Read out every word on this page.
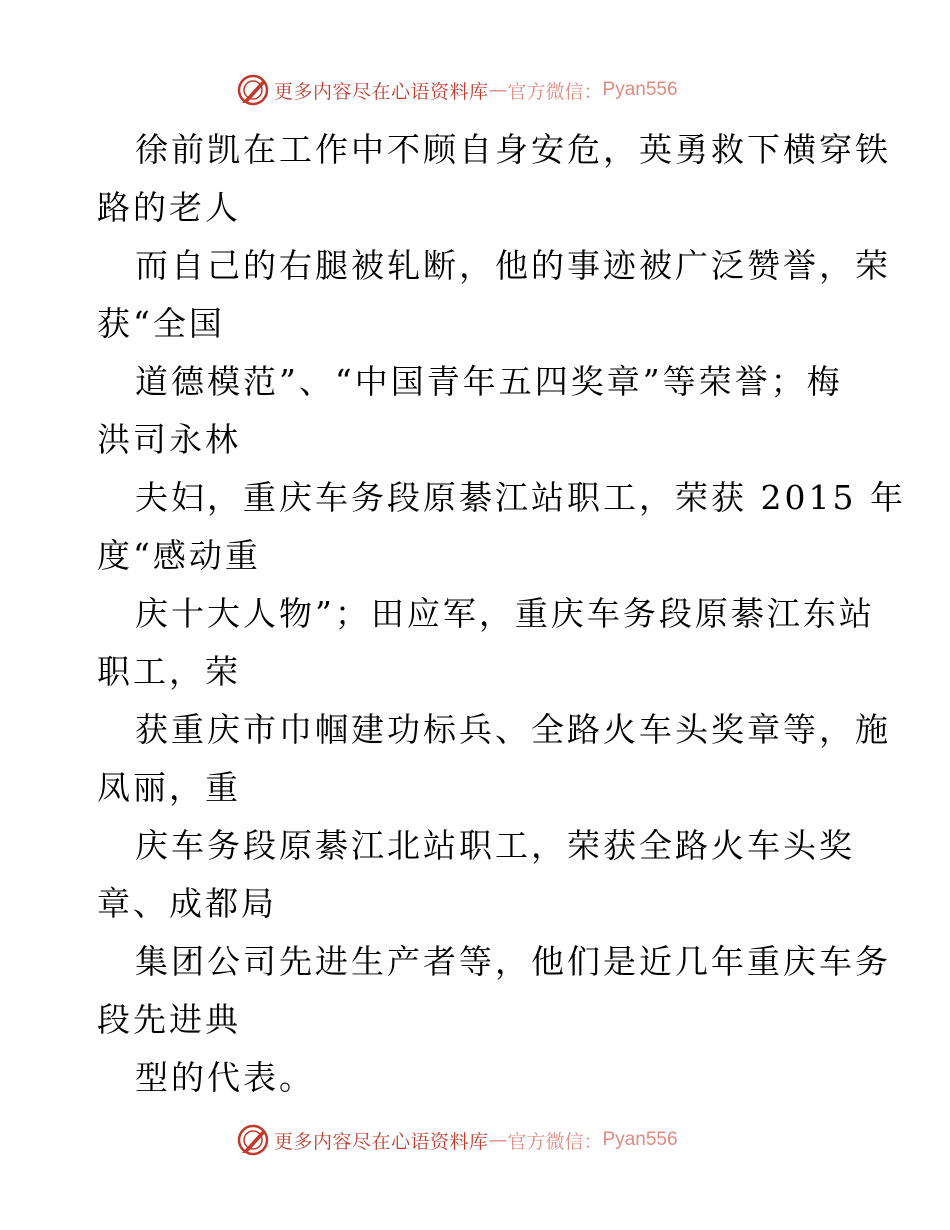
更多内容尽在心语资料库 — 官方微信： Pyan556
徐前凯在工作中不顾自身安危，英勇救下横穿铁
路的老人
而自己的右腿被轧断，他的事迹被广泛赞誉，荣
获“全国
道德模范”、“中国青年五四奖章”等荣誉；梅
洪司永林
夫妇，重庆车务段原綦江站职工，荣获 2015 年
度“感动重
庆十大人物”；田应军，重庆车务段原綦江东站
职工，荣
获重庆市巾帼建功标兵、全路火车头奖章等，施
凤丽，重
庆车务段原綦江北站职工，荣获全路火车头奖
章、成都局
集团公司先进生产者等，他们是近几年重庆车务
段先进典
型的代表。
更多内容尽在心语资料库 — 官方微信： Pyan556
